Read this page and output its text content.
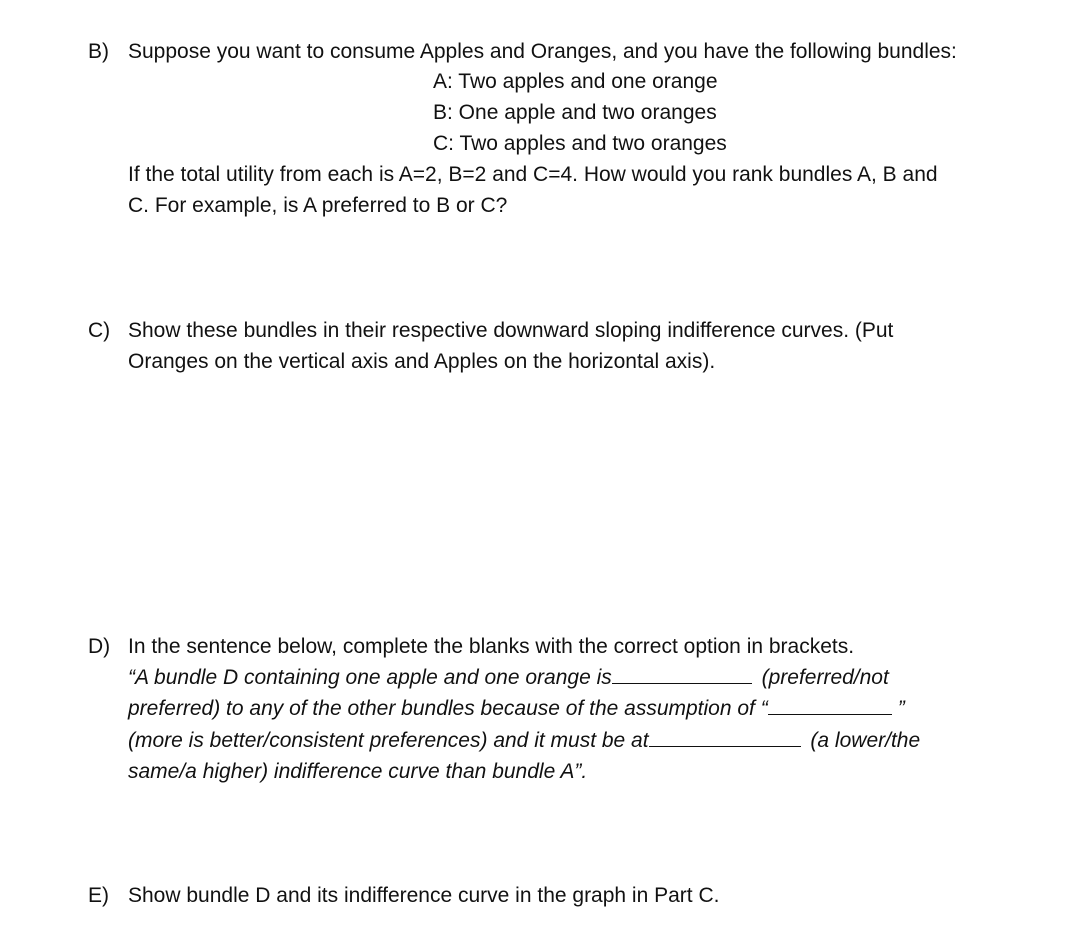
B) Suppose you want to consume Apples and Oranges, and you have the following bundles:
A: Two apples and one orange
B: One apple and two oranges
C: Two apples and two oranges
If the total utility from each is A=2, B=2 and C=4. How would you rank bundles A, B and
C. For example, is A preferred to B or C?
C) Show these bundles in their respective downward sloping indifference curves. (Put
Oranges on the vertical axis and Apples on the horizontal axis).
D) In the sentence below, complete the blanks with the correct option in brackets.
“A bundle D containing one apple and one orange is	(preferred/not
preferred) to any of the other bundles because of the assumption of “	”
(more is better/consistent preferences) and it must be at	(a lower/the
same/a higher) indifference curve than bundle A”.
E) Show bundle D and its indifference curve in the graph in Part C.
